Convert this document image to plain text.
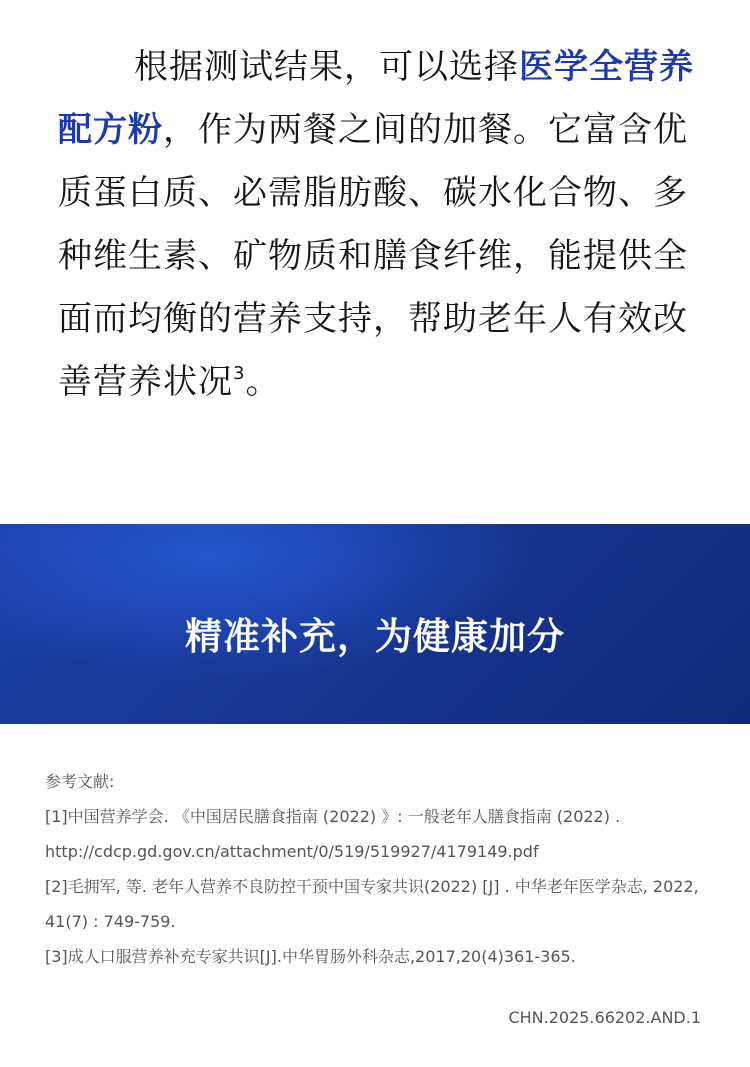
根据测试结果，可以选择医学全营养配方粉，作为两餐之间的加餐。它富含优质蛋白质、必需脂肪酸、碳水化合物、多种维生素、矿物质和膳食纤维，能提供全面而均衡的营养支持，帮助老年人有效改善营养状况$^3$。
精准补充，为健康加分
参考文献:
[1]中国营养学会. 《中国居民膳食指南 (2022) 》: 一般老年人膳食指南 (2022) .
http://cdcp.gd.gov.cn/attachment/0/519/519927/4179149.pdf
[2]毛拥军, 等. 老年人营养不良防控干预中国专家共识(2022) [J] . 中华老年医学杂志, 2022,
41(7) : 749-759.
[3]成人口服营养补充专家共识[J].中华胃肠外科杂志,2017,20(4)361-365.
CHN.2025.66202.AND.1
